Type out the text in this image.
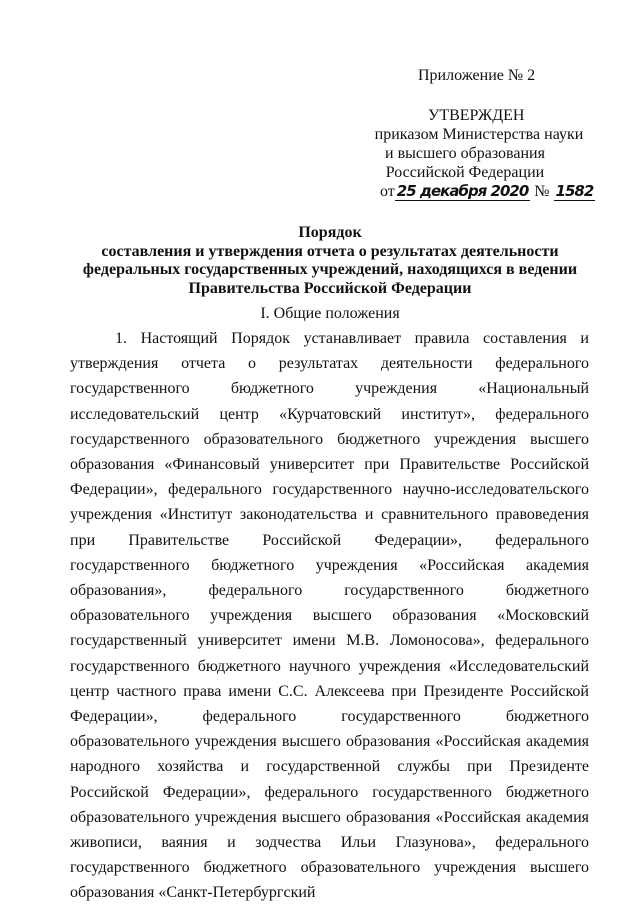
Приложение № 2
УТВЕРЖДЕН
приказом Министерства науки
и высшего образования
Российской Федерации
от 25 декабря 2020 № 1582
Порядок
составления и утверждения отчета о результатах деятельности
федеральных государственных учреждений, находящихся в ведении
Правительства Российской Федерации
I. Общие положения

1. Настоящий Порядок устанавливает правила составления и утверждения отчета о результатах деятельности федерального государственного бюджетного учреждения «Национальный исследовательский центр «Курчатовский институт», федерального государственного образовательного бюджетного учреждения высшего образования «Финансовый университет при Правительстве Российской Федерации», федерального государственного научно-исследовательского учреждения «Институт законодательства и сравнительного правоведения при Правительстве Российской Федерации», федерального государственного бюджетного учреждения «Российская академия образования», федерального государственного бюджетного образовательного учреждения высшего образования «Московский государственный университет имени М.В. Ломоносова», федерального государственного бюджетного научного учреждения «Исследовательский центр частного права имени С.С. Алексеева при Президенте Российской Федерации», федерального государственного бюджетного образовательного учреждения высшего образования «Российская академия народного хозяйства и государственной службы при Президенте Российской Федерации», федерального государственного бюджетного образовательного учреждения высшего образования «Российская академия живописи, ваяния и зодчества Ильи Глазунова», федерального государственного бюджетного образовательного учреждения высшего образования «Санкт-Петербургский
